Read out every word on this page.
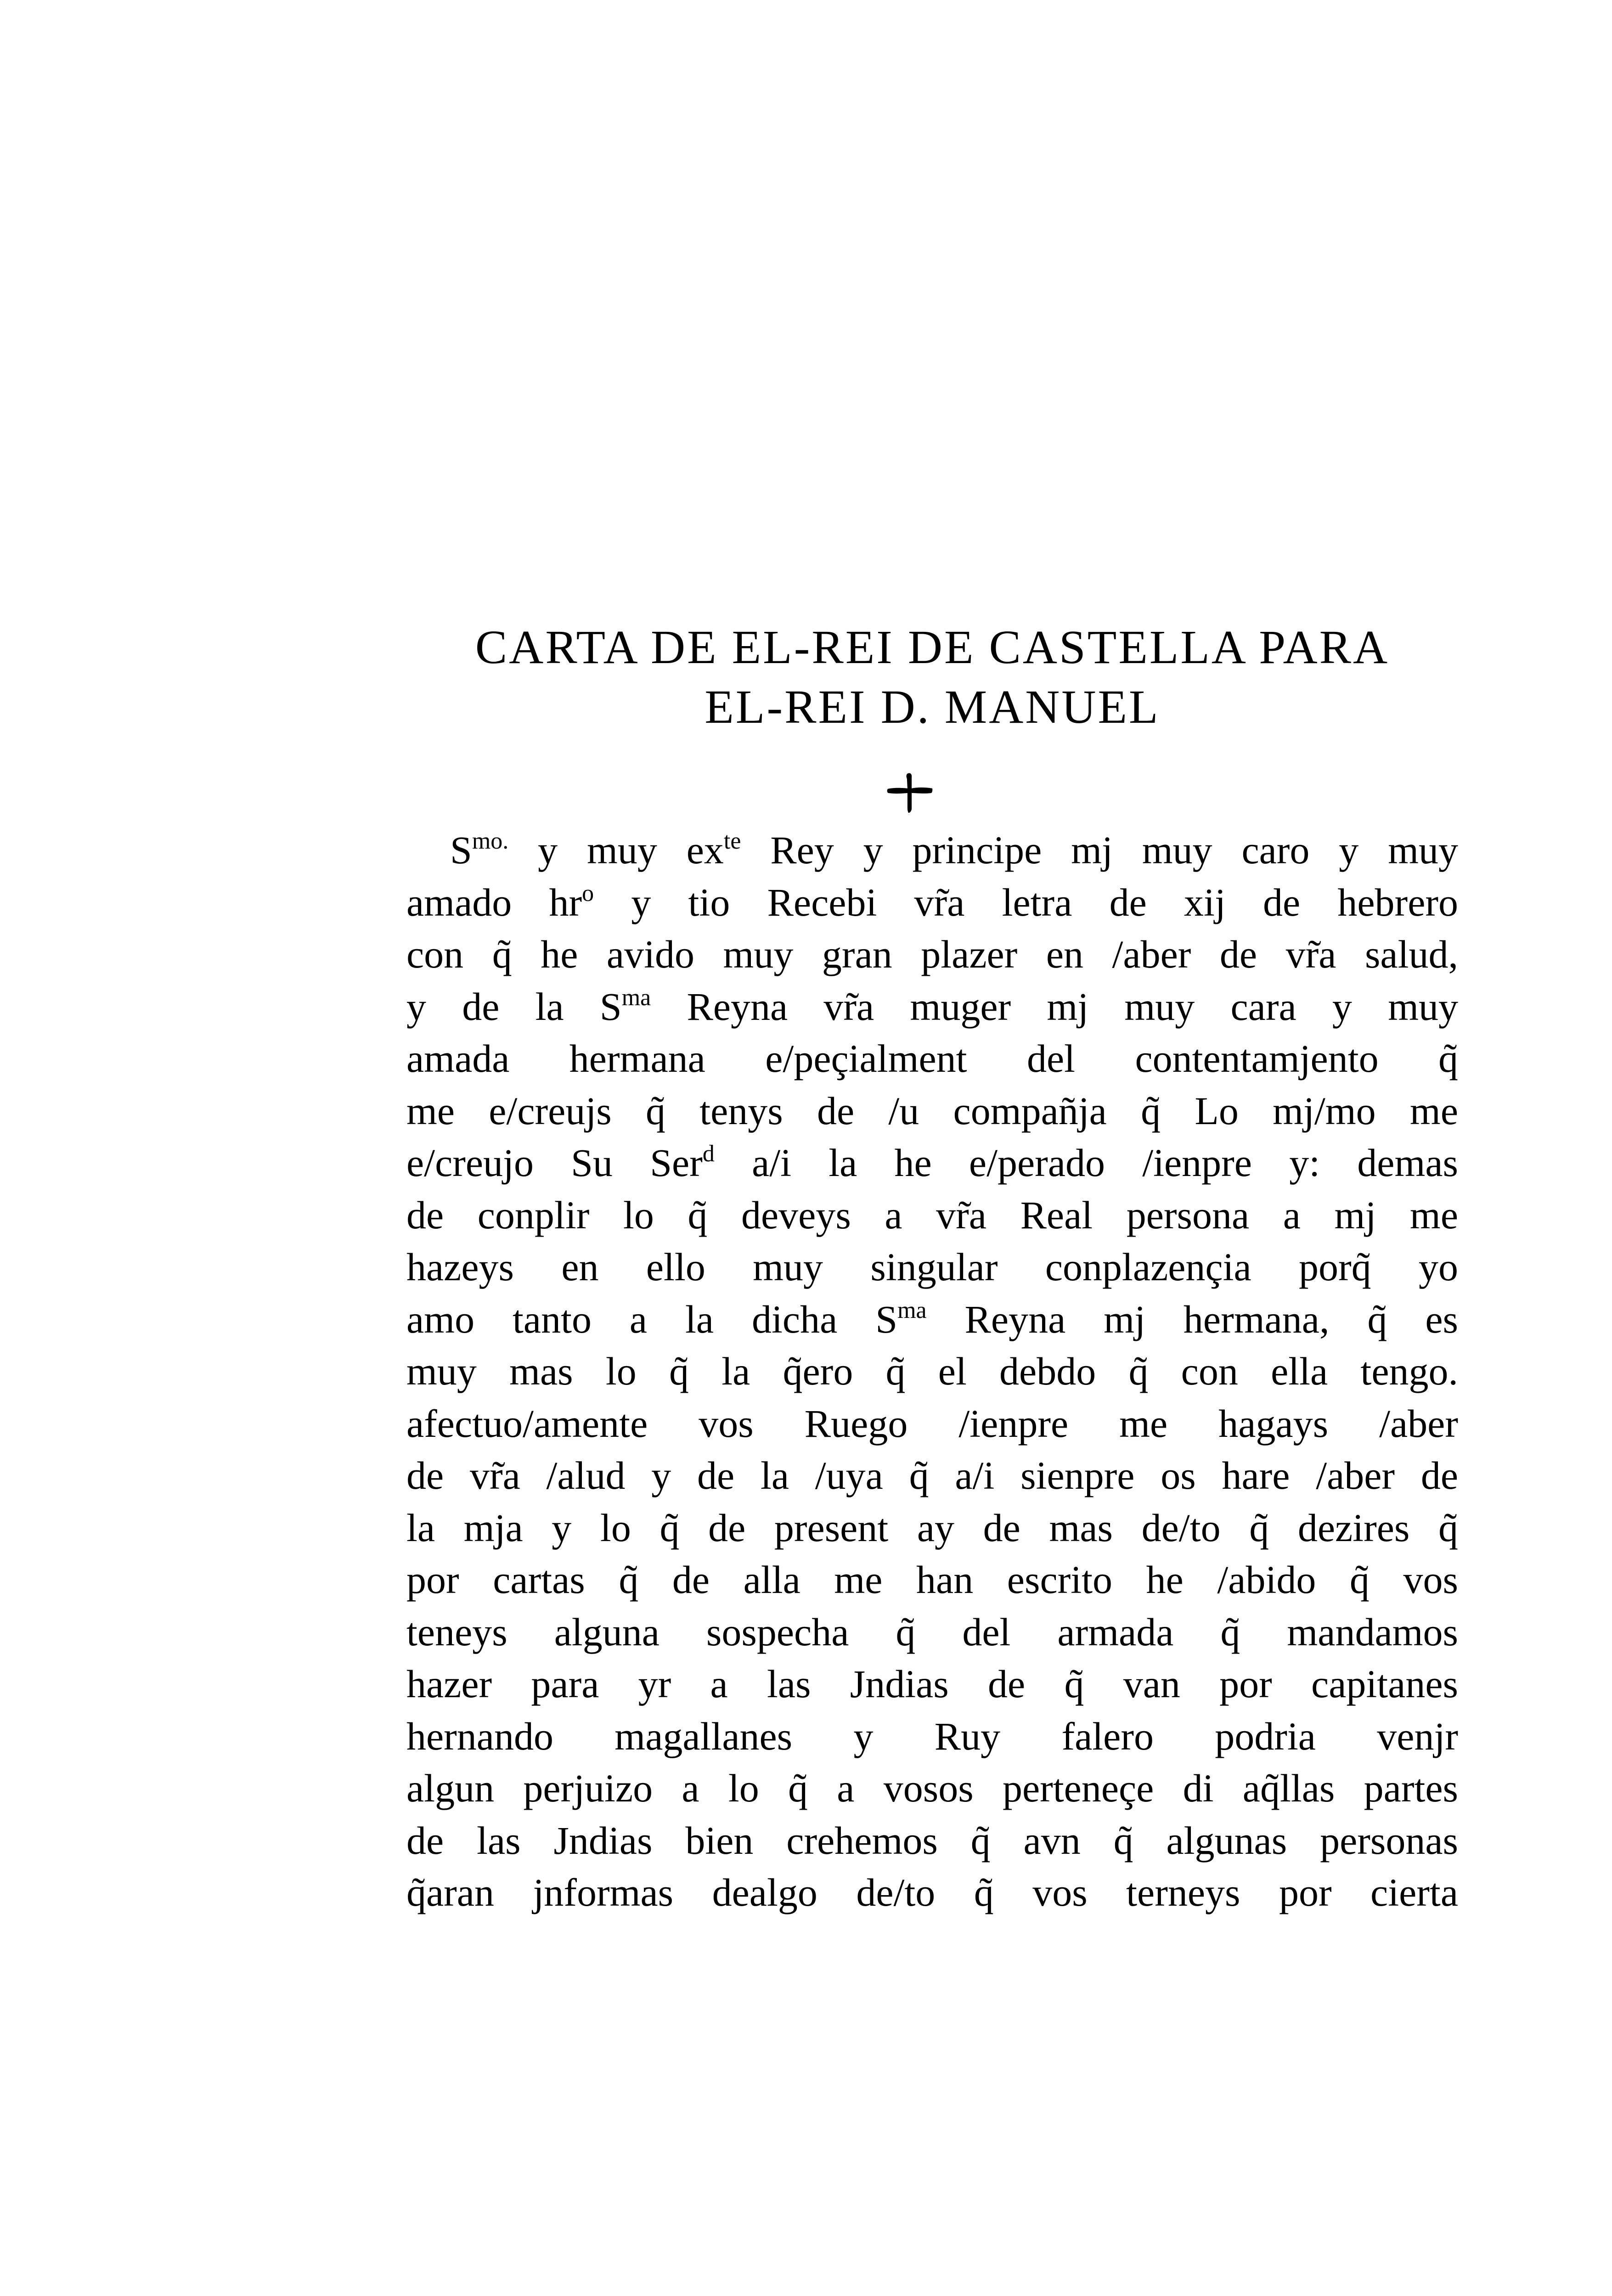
CARTA DE EL-REI DE CASTELLA PARA
EL-REI D. MANUEL
$S^{mo.}$ y muy $ex^{te}$ Rey y principe mj muy caro y muy
amado $hr^o$ y tio Recebi vr̃a letra de xij de hebrero
con q̃ he avido muy gran plazer en /aber de vr̃a salud,
y de la $S^{ma}$ Reyna vr̃a muger mj muy cara y muy
amada hermana e/peçialment del contentamjento q̃
me e/creujs q̃ tenys de /u compañja q̃ Lo mj/mo me
e/creujo Su Ser$^d$ a/i la he e/perado /ienpre y: demas
de conplir lo q̃ deveys a vr̃a Real persona a mj me
hazeys en ello muy singular conplazençia porq̃ yo
amo tanto a la dicha $S^{ma}$ Reyna mj hermana, q̃ es
muy mas lo q̃ la q̃ero q̃ el debdo q̃ con ella tengo.
afectuo/amente vos Ruego /ienpre me hagays /aber
de vr̃a /alud y de la /uya q̃ a/i sienpre os hare /aber de
la mja y lo q̃ de present ay de mas de/to q̃ dezires q̃
por cartas q̃ de alla me han escrito he /abido q̃ vos
teneys alguna sospecha q̃ del armada q̃ mandamos
hazer para yr a las Jndias de q̃ van por capitanes
hernando magallanes y Ruy falero podria venjr
algun perjuizo a lo q̃ a vosos perteneçe di aq̃llas partes
de las Jndias bien crehemos q̃ avn q̃ algunas personas
q̃aran jnformas dealgo de/to q̃ vos terneys por cierta
